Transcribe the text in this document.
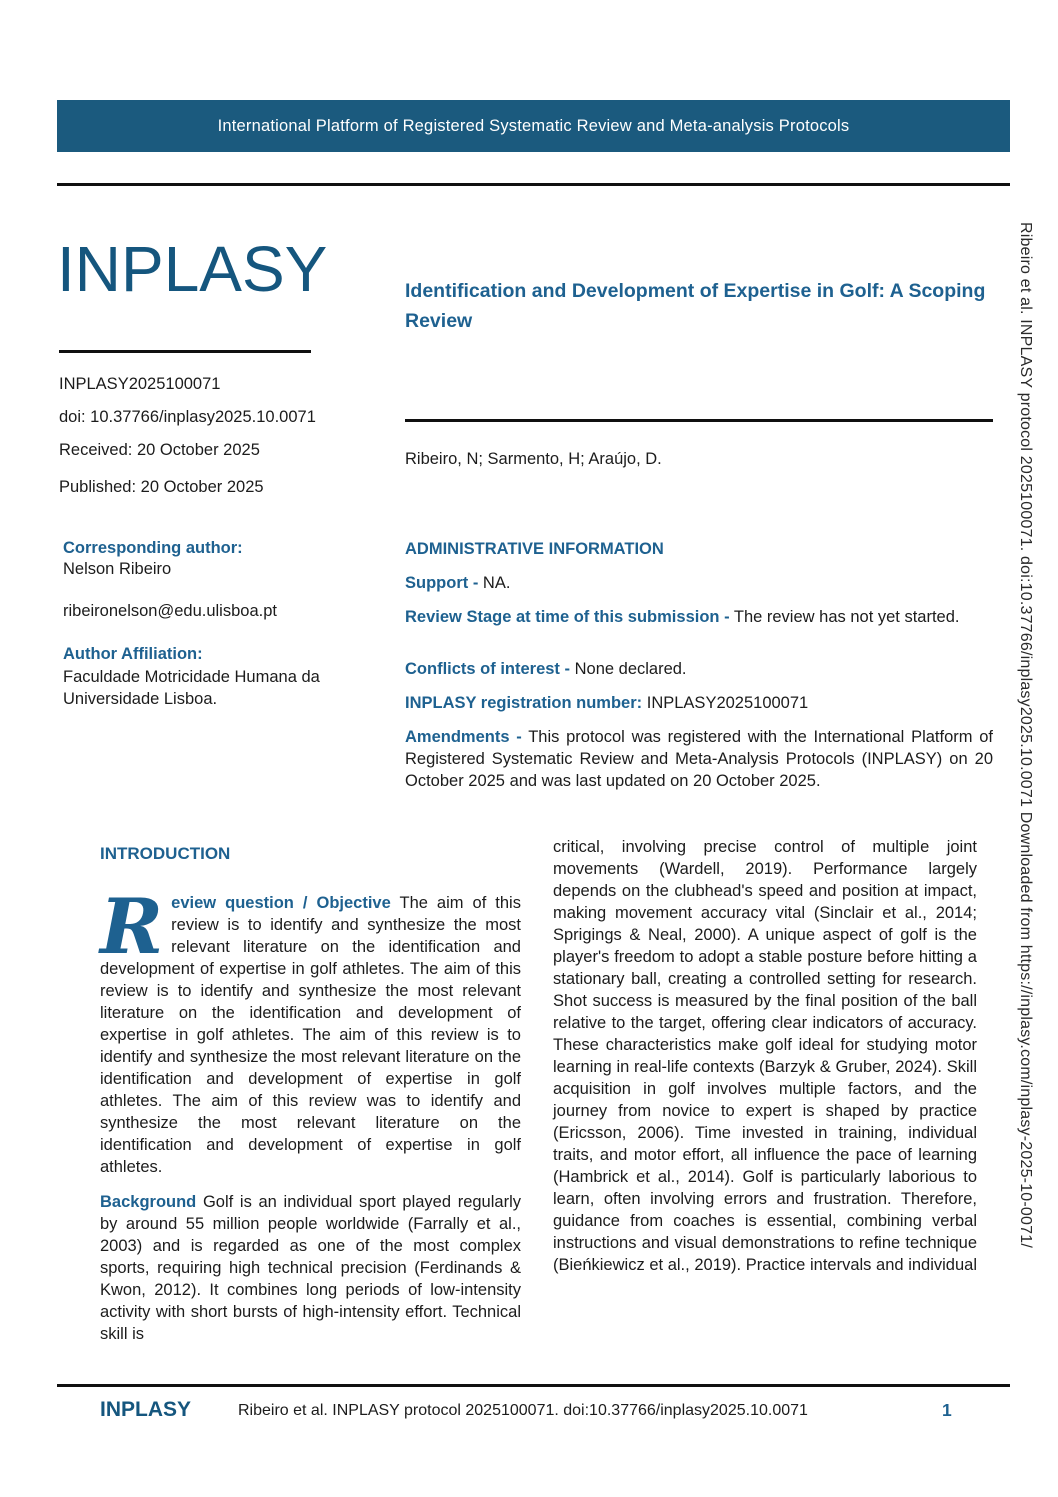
International Platform of Registered Systematic Review and Meta-analysis Protocols
INPLASY
INPLASY2025100071
doi: 10.37766/inplasy2025.10.0071
Received: 20 October 2025
Published: 20 October 2025
Corresponding author:
Nelson Ribeiro
ribeironelson@edu.ulisboa.pt
Author Affiliation:
Faculdade Motricidade Humana da Universidade Lisboa.
Identification and Development of Expertise in Golf: A Scoping Review
Ribeiro, N; Sarmento, H; Araújo, D.
ADMINISTRATIVE INFORMATION
Support - NA.
Review Stage at time of this submission - The review has not yet started.
Conflicts of interest - None declared.
INPLASY registration number: INPLASY2025100071
Amendments - This protocol was registered with the International Platform of Registered Systematic Review and Meta-Analysis Protocols (INPLASY) on 20 October 2025 and was last updated on 20 October 2025.
INTRODUCTION

Review question / Objective The aim of this review is to identify and synthesize the most relevant literature on the identification and development of expertise in golf athletes. The aim of this review is to identify and synthesize the most relevant literature on the identification and development of expertise in golf athletes. The aim of this review is to identify and synthesize the most relevant literature on the identification and development of expertise in golf athletes. The aim of this review was to identify and synthesize the most relevant literature on the identification and development of expertise in golf athletes.

Background Golf is an individual sport played regularly by around 55 million people worldwide (Farrally et al., 2003) and is regarded as one of the most complex sports, requiring high technical precision (Ferdinands & Kwon, 2012). It combines long periods of low-intensity activity with short bursts of high-intensity effort. Technical skill is

critical, involving precise control of multiple joint movements (Wardell, 2019). Performance largely depends on the clubhead's speed and position at impact, making movement accuracy vital (Sinclair et al., 2014; Sprigings & Neal, 2000). A unique aspect of golf is the player's freedom to adopt a stable posture before hitting a stationary ball, creating a controlled setting for research. Shot success is measured by the final position of the ball relative to the target, offering clear indicators of accuracy. These characteristics make golf ideal for studying motor learning in real-life contexts (Barzyk & Gruber, 2024). Skill acquisition in golf involves multiple factors, and the journey from novice to expert is shaped by practice (Ericsson, 2006). Time invested in training, individual traits, and motor effort, all influence the pace of learning (Hambrick et al., 2014). Golf is particularly laborious to learn, often involving errors and frustration. Therefore, guidance from coaches is essential, combining verbal instructions and visual demonstrations to refine technique (Bieńkiewicz et al., 2019). Practice intervals and individual

INPLASY	Ribeiro et al. INPLASY protocol 2025100071. doi:10.37766/inplasy2025.10.0071	1
Ribeiro et al. INPLASY protocol 2025100071. doi:10.37766/inplasy2025.10.0071 Downloaded from https://inplasy.com/inplasy-2025-10-0071/
